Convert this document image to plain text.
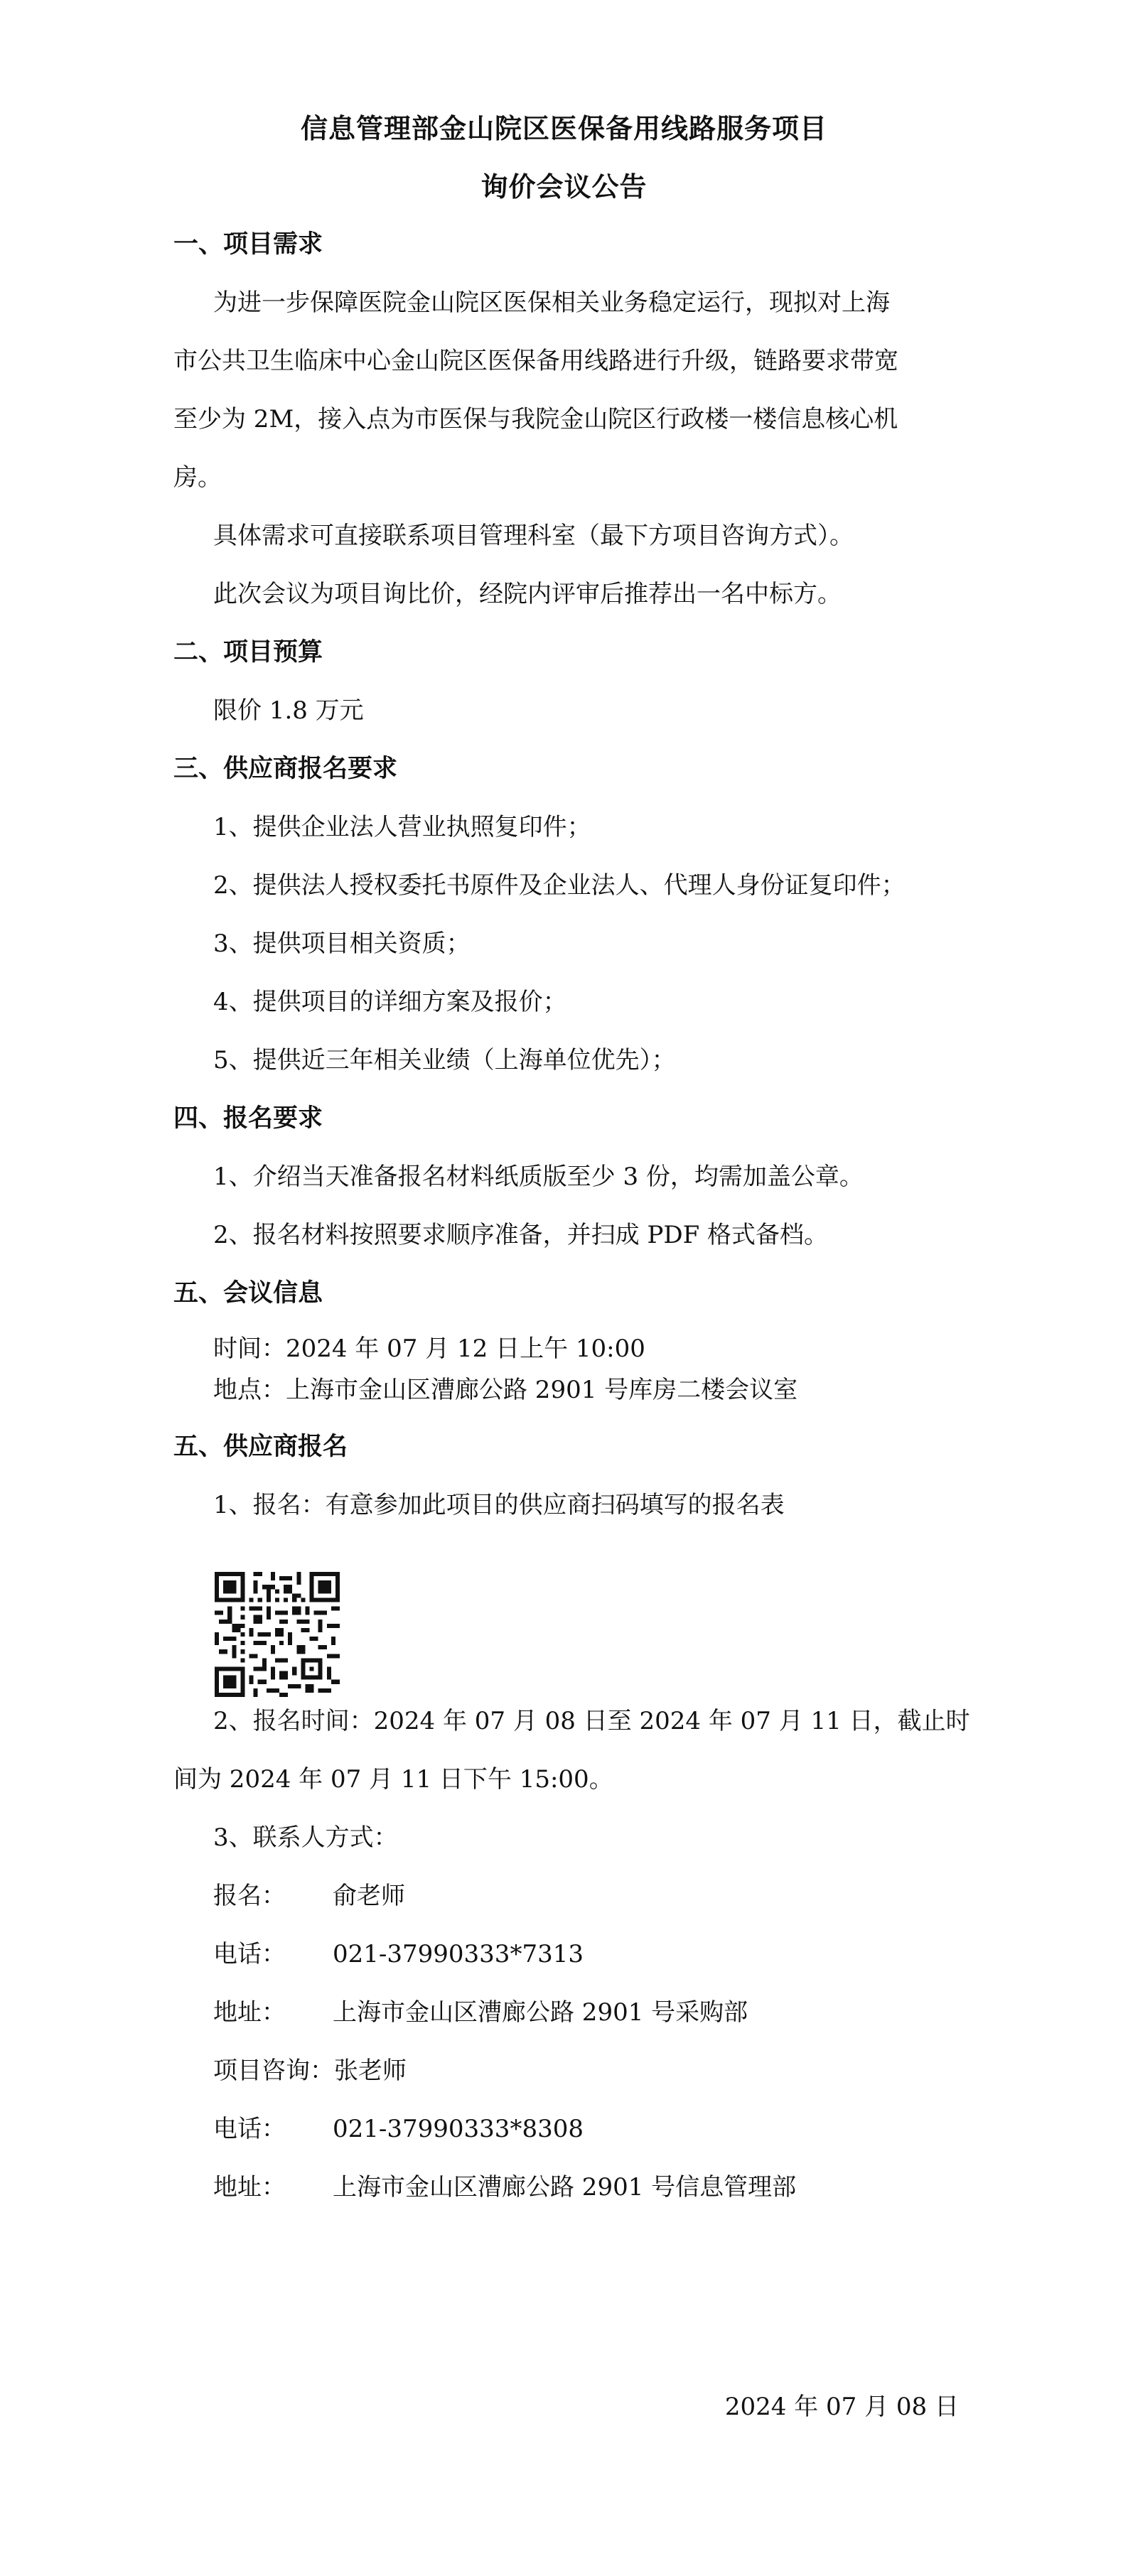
信息管理部金山院区医保备用线路服务项目
询价会议公告
一、项目需求
为进一步保障医院金山院区医保相关业务稳定运行，现拟对上海
市公共卫生临床中心金山院区医保备用线路进行升级，链路要求带宽
至少为 2M，接入点为市医保与我院金山院区行政楼一楼信息核心机
房。
具体需求可直接联系项目管理科室（最下方项目咨询方式）。
此次会议为项目询比价，经院内评审后推荐出一名中标方。
二、项目预算
限价 1.8 万元
三、供应商报名要求
1、提供企业法人营业执照复印件；
2、提供法人授权委托书原件及企业法人、代理人身份证复印件；
3、提供项目相关资质；
4、提供项目的详细方案及报价；
5、提供近三年相关业绩（上海单位优先）；
四、报名要求
1、介绍当天准备报名材料纸质版至少 3 份，均需加盖公章。
2、报名材料按照要求顺序准备，并扫成 PDF 格式备档。
五、会议信息
时间：2024 年 07 月 12 日上午 10:00
地点：上海市金山区漕廊公路 2901 号库房二楼会议室
五、供应商报名
1、报名：有意参加此项目的供应商扫码填写的报名表
2、报名时间：2024 年 07 月 08 日至 2024 年 07 月 11 日，截止时
间为 2024 年 07 月 11 日下午 15:00。
3、联系人方式：
报名： 俞老师
电话： 021-37990333*7313
地址： 上海市金山区漕廊公路 2901 号采购部
项目咨询：张老师
电话： 021-37990333*8308
地址： 上海市金山区漕廊公路 2901 号信息管理部
2024 年 07 月 08 日
